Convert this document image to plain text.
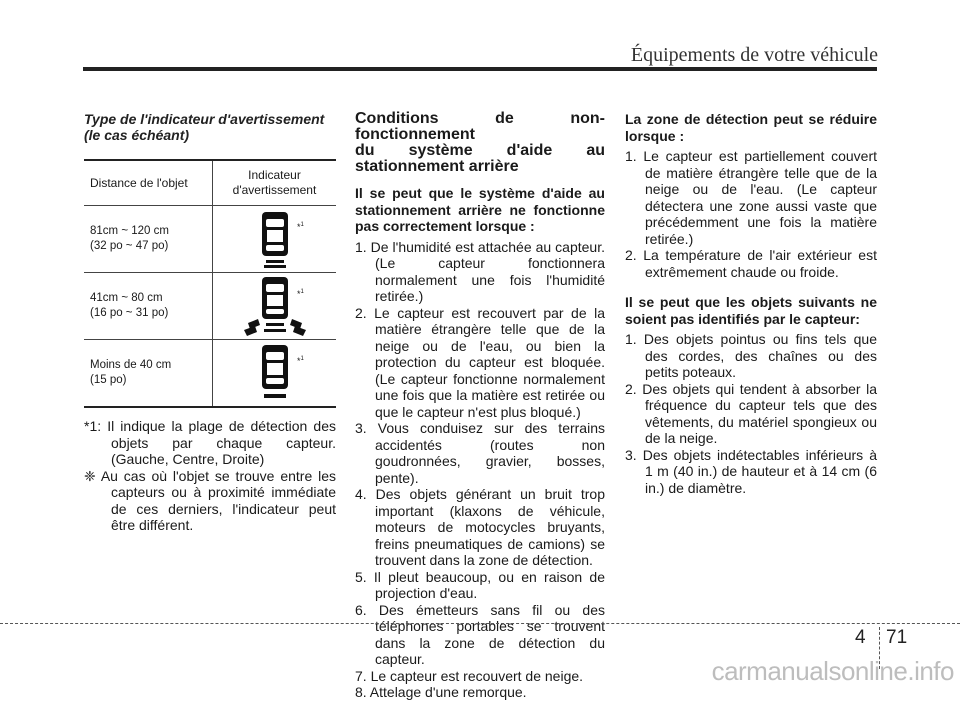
Équipements de votre véhicule

Type de l'indicateur d'avertissement (le cas échéant)

Distance de l'objet
Indicateur
d'avertissement
81cm ~ 120 cm
(32 po ~ 47 po)
*$^1$
41cm ~ 80 cm
(16 po ~ 31 po)
*$^1$
Moins de 40 cm
(15 po)
*$^1$

*1: Il indique la plage de détection des objets par chaque capteur. (Gauche, Centre, Droite)

❈ Au cas où l'objet se trouve entre les capteurs ou à proximité immédiate de ces derniers, l'indicateur peut être différent.

Conditions de non-fonctionnement
du système d'aide au
stationnement arrière

Il se peut que le système d'aide au stationnement arrière ne fonctionne pas correctement lorsque :

1. De l'humidité est attachée au capteur. (Le capteur fonctionnera normalement une fois l'humidité retirée.)
2. Le capteur est recouvert par de la matière étrangère telle que de la neige ou de l'eau, ou bien la protection du capteur est bloquée. (Le capteur fonctionne normalement une fois que la matière est retirée ou que le capteur n'est plus bloqué.)
3. Vous conduisez sur des terrains accidentés (routes non goudronnées, gravier, bosses, pente).
4. Des objets générant un bruit trop important (klaxons de véhicule, moteurs de motocycles bruyants, freins pneumatiques de camions) se trouvent dans la zone de détection.
5. Il pleut beaucoup, ou en raison de projection d'eau.
6. Des émetteurs sans fil ou des téléphones portables se trouvent dans la zone de détection du capteur.
7. Le capteur est recouvert de neige.
8. Attelage d'une remorque.

La zone de détection peut se réduire lorsque :

1. Le capteur est partiellement couvert de matière étrangère telle que de la neige ou de l'eau. (Le capteur détectera une zone aussi vaste que précédemment une fois la matière retirée.)
2. La température de l'air extérieur est extrêmement chaude ou froide.

Il se peut que les objets suivants ne soient pas identifiés par le capteur:

1. Des objets pointus ou fins tels que des cordes, des chaînes ou des petits poteaux.
2. Des objets qui tendent à absorber la fréquence du capteur tels que des vêtements, du matériel spongieux ou de la neige.
3. Des objets indétectables inférieurs à 1 m (40 in.) de hauteur et à 14 cm (6 in.) de diamètre.
4 71
carmanualsonline.info
